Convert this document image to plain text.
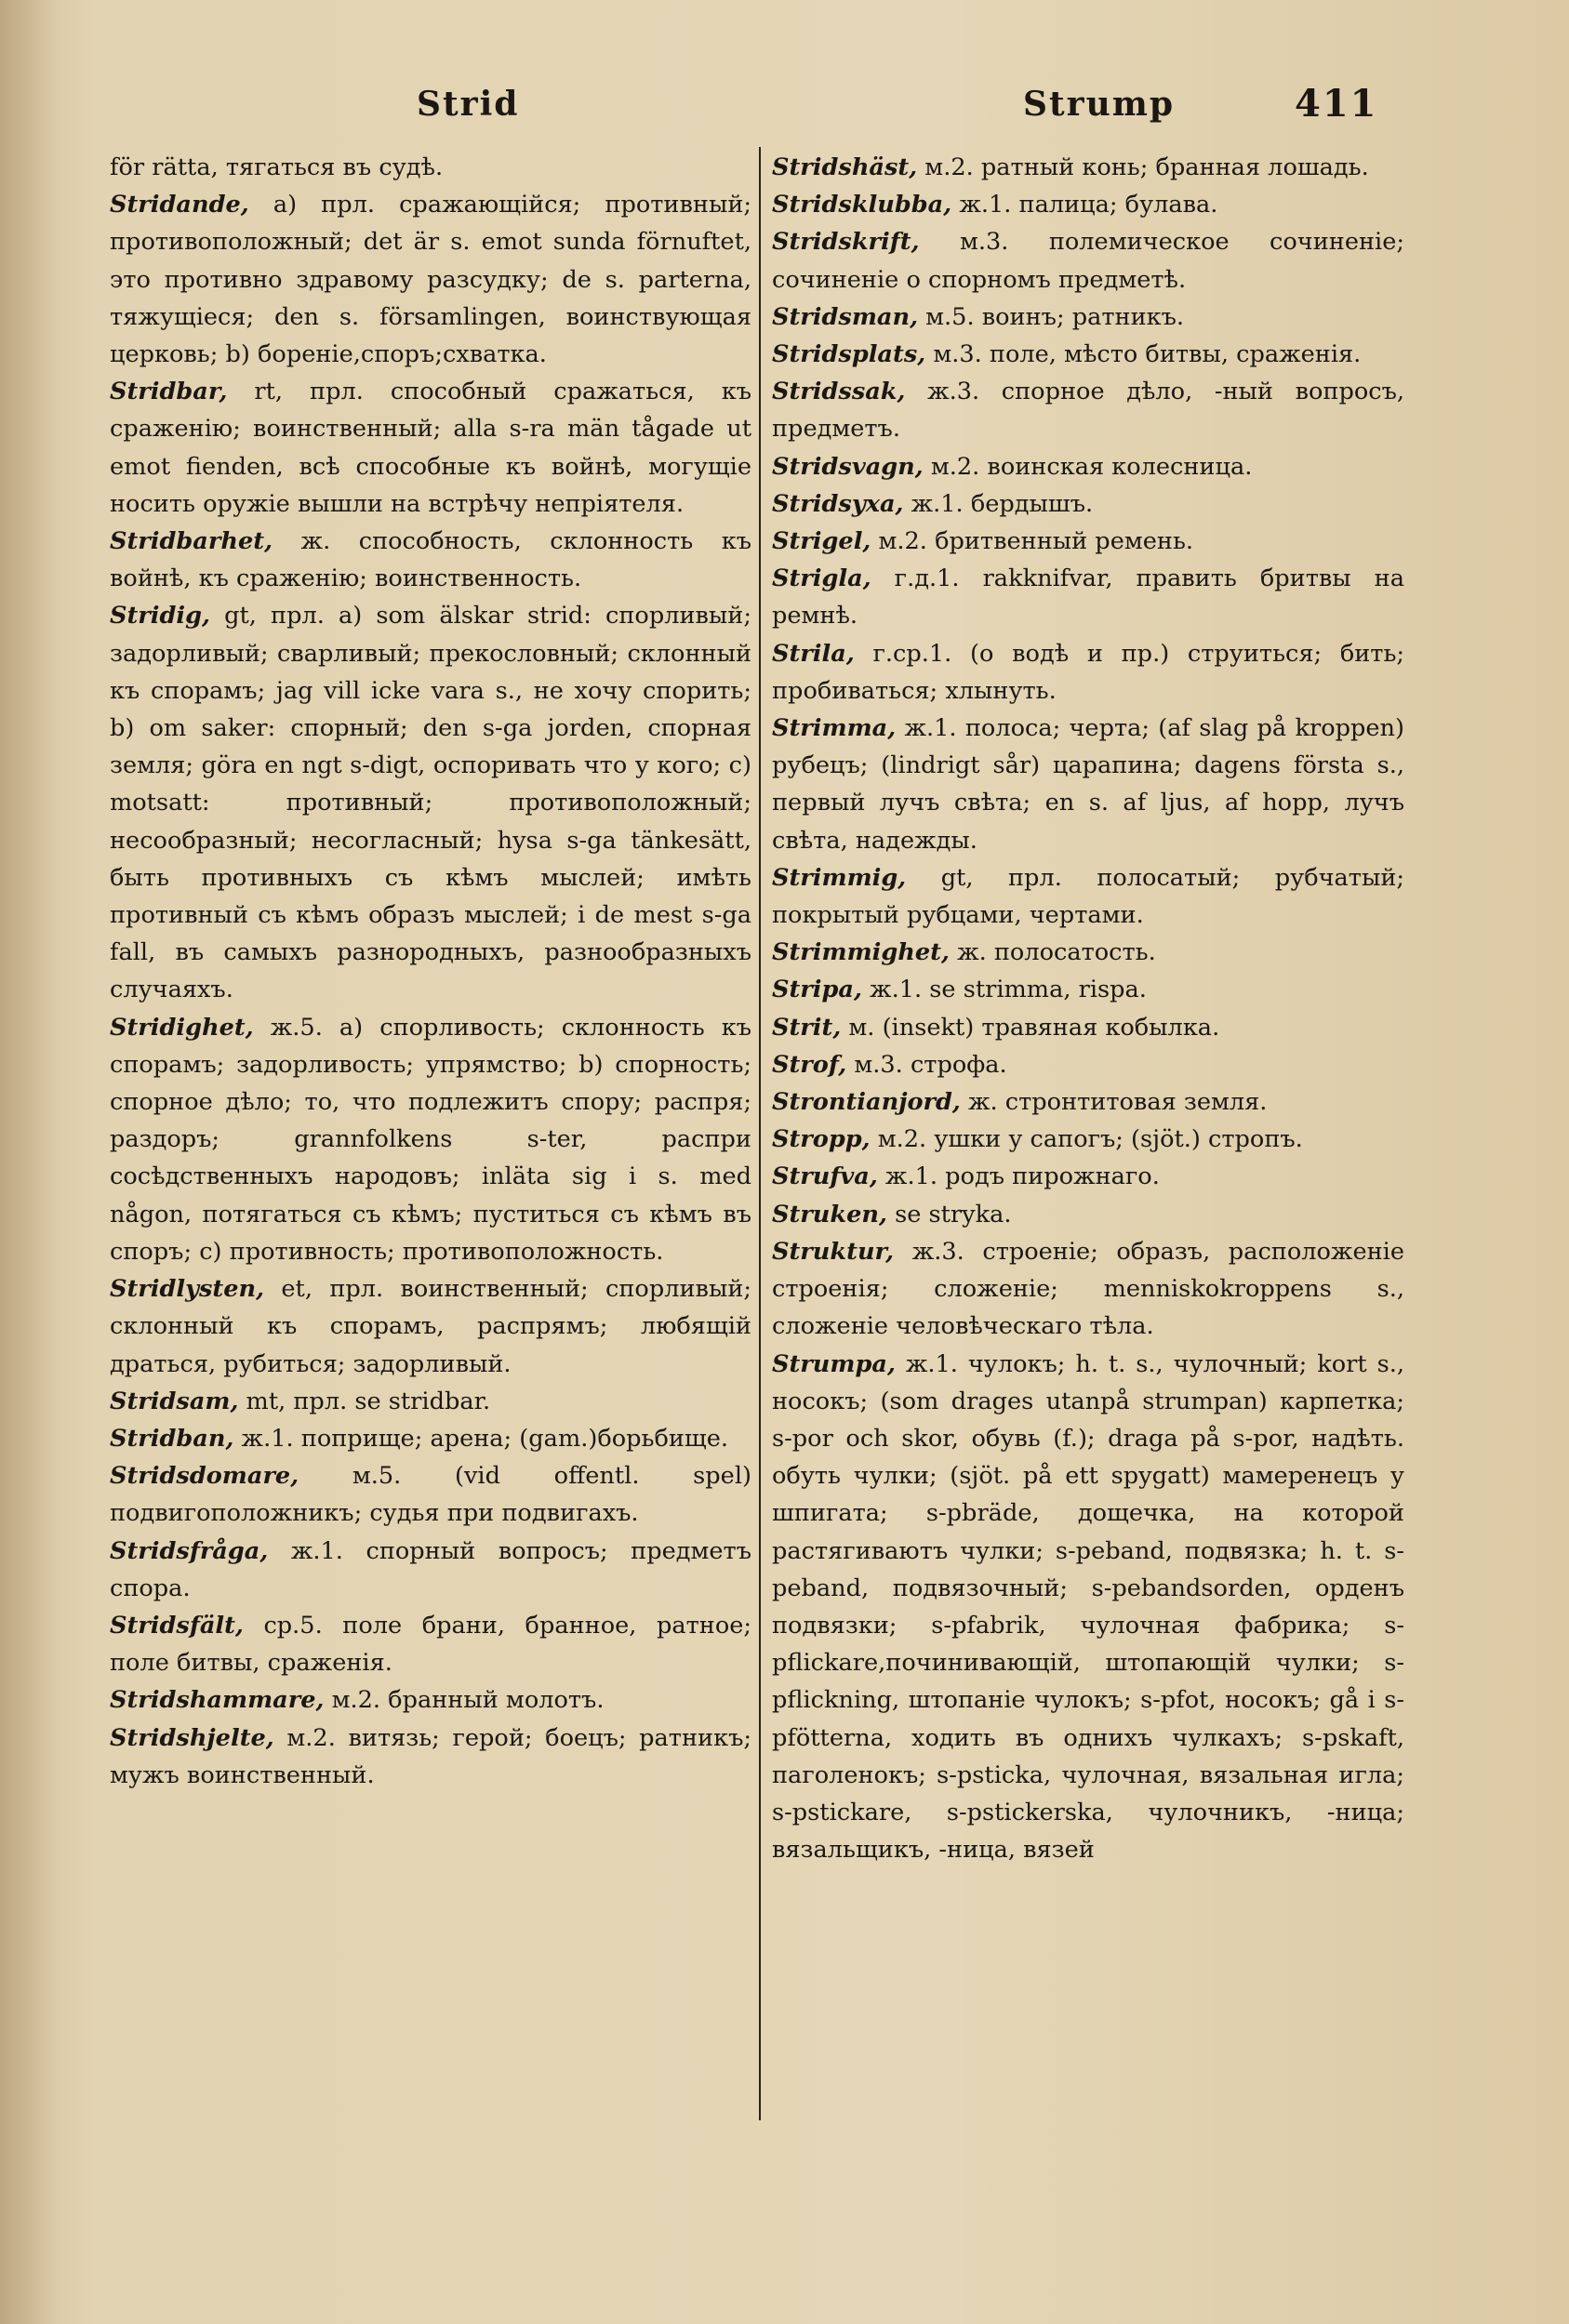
Strid	Strump	411

för rätta, тягаться въ судѣ.

Stridande, a) прл. сражающійся; противный; противоположный; det är s. emot sunda förnuftet, это противно здравому разсудку; de s. parterna, тяжущіеся; den s. församlingen, воинствующая церковь; b) бореніе,споръ;схватка.

Stridbar, rt, прл. способный сражаться, къ сраженію; воинственный; alla s-ra män tågade ut emot fienden, всѣ способные къ войнѣ, могущіе носить оружіе вышли на встрѣчу непріятеля.

Stridbarhet, ж. способность, склонность къ войнѣ, къ сраженію; воинственность.

Stridig, gt, прл. a) som älskar strid: спорливый; задорливый; сварливый; прекословный; склонный къ спорамъ; jag vill icke vara s., не хочу спорить; b) om saker: спорный; den s-ga jorden, спорная земля; göra en ngt s-digt, оспоривать что у кого; c) motsatt: противный; противоположный; несообразный; несогласный; hysa s-ga tänkesätt, быть противныхъ съ кѣмъ мыслей; имѣть противный съ кѣмъ образъ мыслей; i de mest s-ga fall, въ самыхъ разнородныхъ, разнообразныхъ случаяхъ.

Stridighet, ж.5. a) спорливость; склонность къ спорамъ; задорливость; упрямство; b) спорность; спорное дѣло; то, что подлежитъ спору; распря; раздоръ; grannfolkens s-ter, распри сосѣдственныхъ народовъ; inläta sig i s. med någon, потягаться съ кѣмъ; пуститься съ кѣмъ въ споръ; c) противность; противоположность.

Stridlysten, et, прл. воинственный; спорливый; склонный къ спорамъ, распрямъ; любящій драться, рубиться; задорливый.

Stridsam, mt, прл. se stridbar.

Stridban, ж.1. поприще; арена; (gam.)борьбище.

Stridsdomare, м.5. (vid offentl. spel) подвигоположникъ; судья при подвигахъ.

Stridsfråga, ж.1. спорный вопросъ; предметъ спора.

Stridsfält, ср.5. поле брани, бранное, ратное; поле битвы, сраженія.

Stridshammare, м.2. бранный молотъ.

Stridshjelte, м.2. витязь; герой; боецъ; ратникъ; мужъ воинственный.

Stridshäst, м.2. ратный конь; бранная лошадь.

Stridsklubba, ж.1. палица; булава.

Stridskrift, м.3. полемическое сочиненіе; сочиненіе о спорномъ предметѣ.

Stridsman, м.5. воинъ; ратникъ.

Stridsplats, м.3. поле, мѣсто битвы, сраженія.

Stridssak, ж.3. спорное дѣло, -ный вопросъ, предметъ.

Stridsvagn, м.2. воинская колесница.

Stridsyxa, ж.1. бердышъ.

Strigel, м.2. бритвенный ремень.

Strigla, г.д.1. rakknifvar, править бритвы на ремнѣ.

Strila, г.ср.1. (о водѣ и пр.) струиться; бить; пробиваться; хлынуть.

Strimma, ж.1. полоса; черта; (af slag på kroppen) рубецъ; (lindrigt sår) царапина; dagens första s., первый лучъ свѣта; en s. af ljus, af hopp, лучъ свѣта, надежды.

Strimmig, gt, прл. полосатый; рубчатый; покрытый рубцами, чертами.

Strimmighet, ж. полосатость.

Stripa, ж.1. se strimma, rispa.

Strit, м. (insekt) травяная кобылка.

Strof, м.3. строфа.

Strontianjord, ж. стронтитовая земля.

Stropp, м.2. ушки у сапогъ; (sjöt.) стропъ.

Strufva, ж.1. родъ пирожнаго.

Struken, se stryka.

Struktur, ж.3. строеніе; образъ, расположеніе строенія; сложеніе; menniskokroppens s., сложеніе человѣческаго тѣла.

Strumpa, ж.1. чулокъ; h. t. s., чулочный; kort s., носокъ; (som drages utanpå strumpan) карпетка; s-por och skor, обувь (f.); draga på s-por, надѣть. обуть чулки; (sjöt. på ett spygatt) мамеренецъ у шпигата; s-pbräde, дощечка, на которой растягиваютъ чулки; s-peband, подвязка; h. t. s-peband, подвязочный; s-pebandsorden, орденъ подвязки; s-pfabrik, чулочная фабрика; s-pflickare,починивающій, штопающій чулки; s-pflickning, штопаніе чулокъ; s-pfot, носокъ; gå i s-pfötterna, ходить въ однихъ чулкахъ; s-pskaft, паголенокъ; s-psticka, чулочная, вязальная игла; s-pstickare, s-pstickerska, чулочникъ, -ница; вязальщикъ, -ница, вязей
